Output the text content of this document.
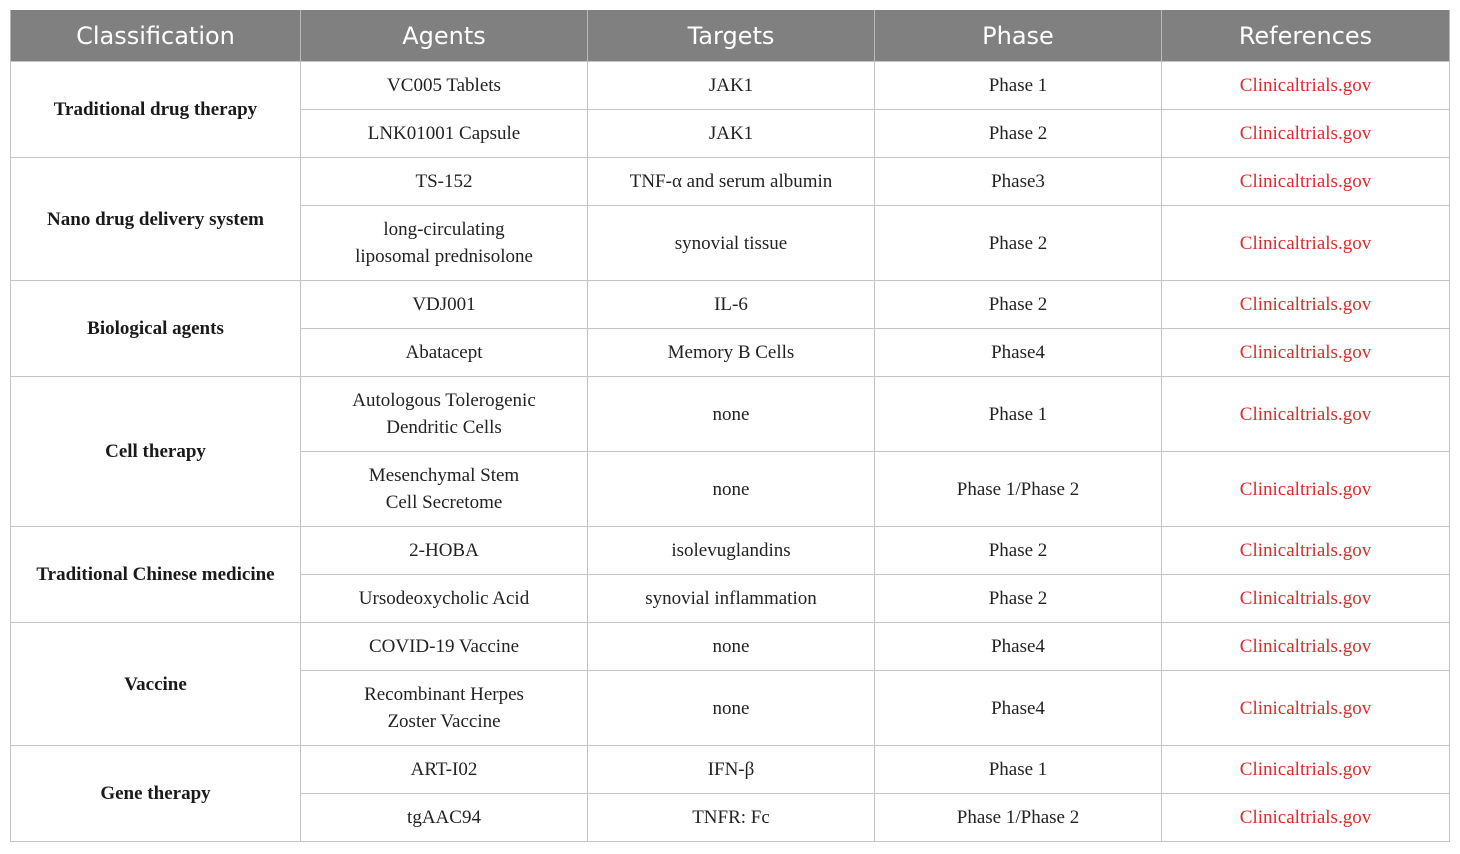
Classification	Agents	Targets	Phase	References
Traditional drug therapy	VC005 Tablets	JAK1	Phase 1	Clinicaltrials.gov
	LNK01001 Capsule	JAK1	Phase 2	Clinicaltrials.gov
Nano drug delivery system	TS-152	TNF-α and serum albumin	Phase3	Clinicaltrials.gov
	long-circulating
liposomal prednisolone	synovial tissue	Phase 2	Clinicaltrials.gov
Biological agents	VDJ001	IL-6	Phase 2	Clinicaltrials.gov
	Abatacept	Memory B Cells	Phase4	Clinicaltrials.gov
Cell therapy	Autologous Tolerogenic
Dendritic Cells	none	Phase 1	Clinicaltrials.gov
	Mesenchymal Stem
Cell Secretome	none	Phase 1/Phase 2	Clinicaltrials.gov
Traditional Chinese medicine	2-HOBA	isolevuglandins	Phase 2	Clinicaltrials.gov
	Ursodeoxycholic Acid	synovial inflammation	Phase 2	Clinicaltrials.gov
Vaccine	COVID-19 Vaccine	none	Phase4	Clinicaltrials.gov
	Recombinant Herpes
Zoster Vaccine	none	Phase4	Clinicaltrials.gov
Gene therapy	ART-I02	IFN-β	Phase 1	Clinicaltrials.gov
	tgAAC94	TNFR: Fc	Phase 1/Phase 2	Clinicaltrials.gov
